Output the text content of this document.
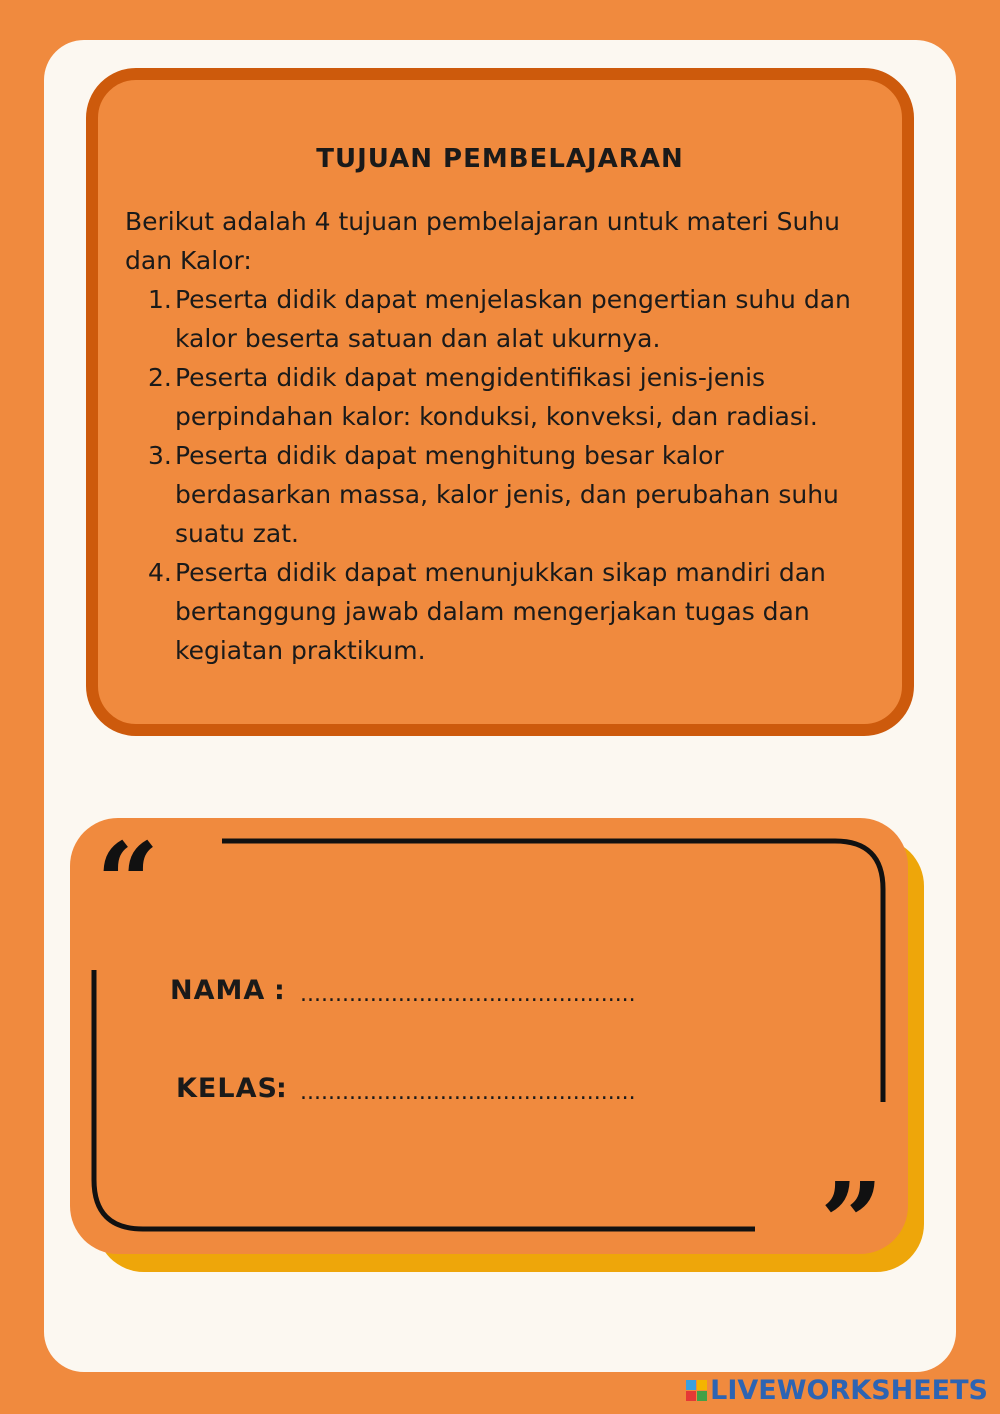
TUJUAN PEMBELAJARAN
Berikut adalah 4 tujuan pembelajaran untuk materi Suhu dan Kalor:
1. Peserta didik dapat menjelaskan pengertian suhu dan kalor beserta satuan dan alat ukurnya.
2. Peserta didik dapat mengidentifikasi jenis-jenis perpindahan kalor: konduksi, konveksi, dan radiasi.
3. Peserta didik dapat menghitung besar kalor berdasarkan massa, kalor jenis, dan perubahan suhu suatu zat.
4. Peserta didik dapat menunjukkan sikap mandiri dan bertanggung jawab dalam mengerjakan tugas dan kegiatan praktikum.
“
”
NAMA : ................................................
KELAS
: ................................................
LIVEWORKSHEETS
